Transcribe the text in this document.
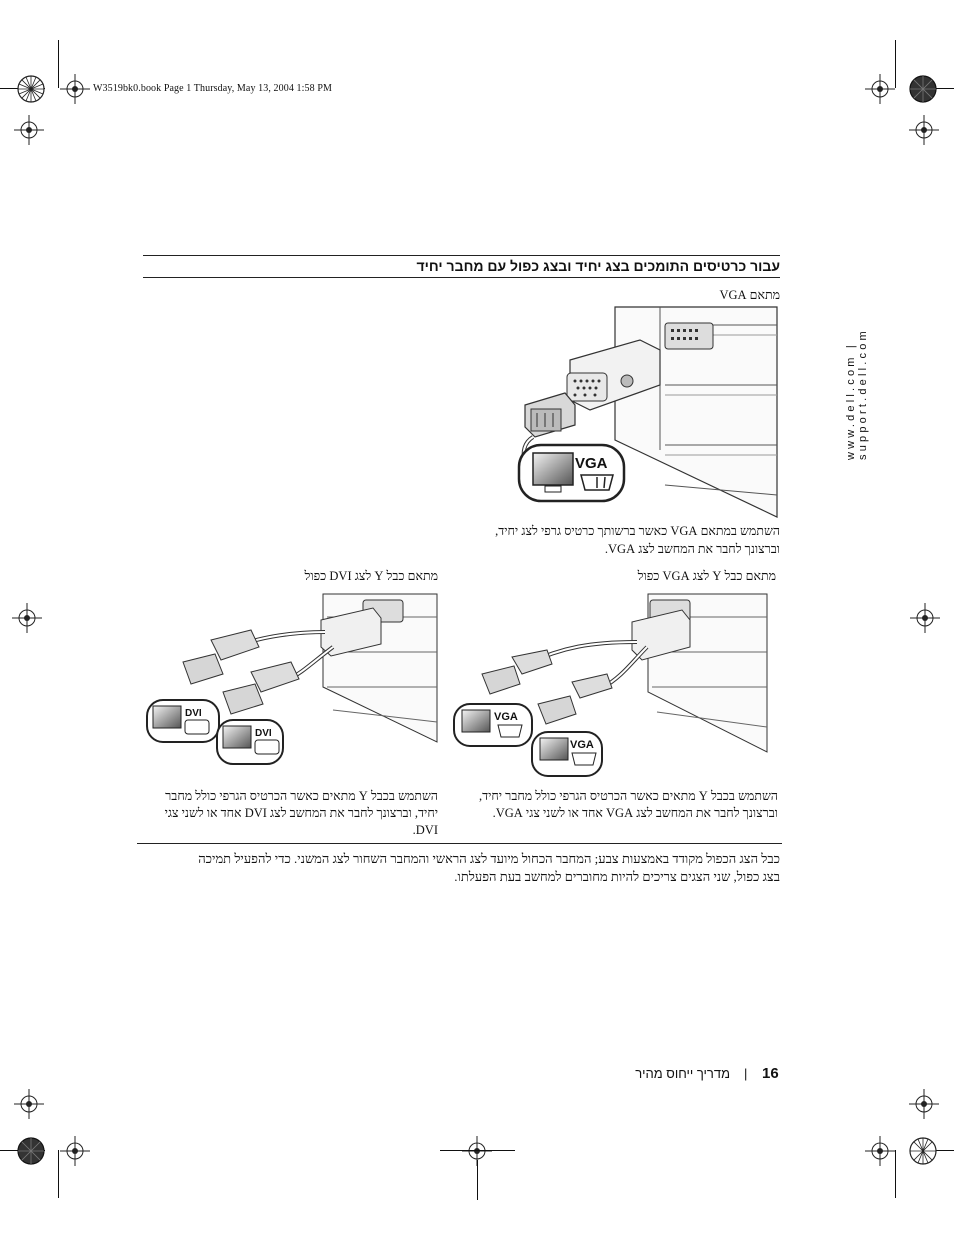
W3519bk0.book Page 1 Thursday, May 13, 2004 1:58 PM
www.dell.com | support.dell.com
עבור כרטיסים התומכים בצג יחיד ובצג כפול עם מחבר יחיד
מתאם VGA
VGA
השתמש במתאם VGA כאשר ברשותך כרטיס גרפי לצג יחיד,
וברצונך לחבר את המחשב לצג VGA.
מתאם כבל Y לצג VGA כפול
VGA
VGA
השתמש בכבל Y מתאים כאשר הכרטיס הגרפי כולל מחבר יחיד,
וברצונך לחבר את המחשב לצג VGA אחד או לשני צגי VGA.
מתאם כבל Y לצג DVI כפול
DVI
DVI
השתמש בכבל Y מתאים כאשר הכרטיס הגרפי כולל מחבר
יחיד, וברצונך לחבר את המחשב לצג DVI אחד או לשני צגי
DVI.
כבל הצג הכפול מקודד באמצעות צבע; המחבר הכחול מיועד לצג הראשי והמחבר השחור לצג המשני. כדי להפעיל תמיכה
בצג כפול, שני הצגים צריכים להיות מחוברים למחשב בעת הפעלתו.
מדריך ייחוס מהיר | 16
